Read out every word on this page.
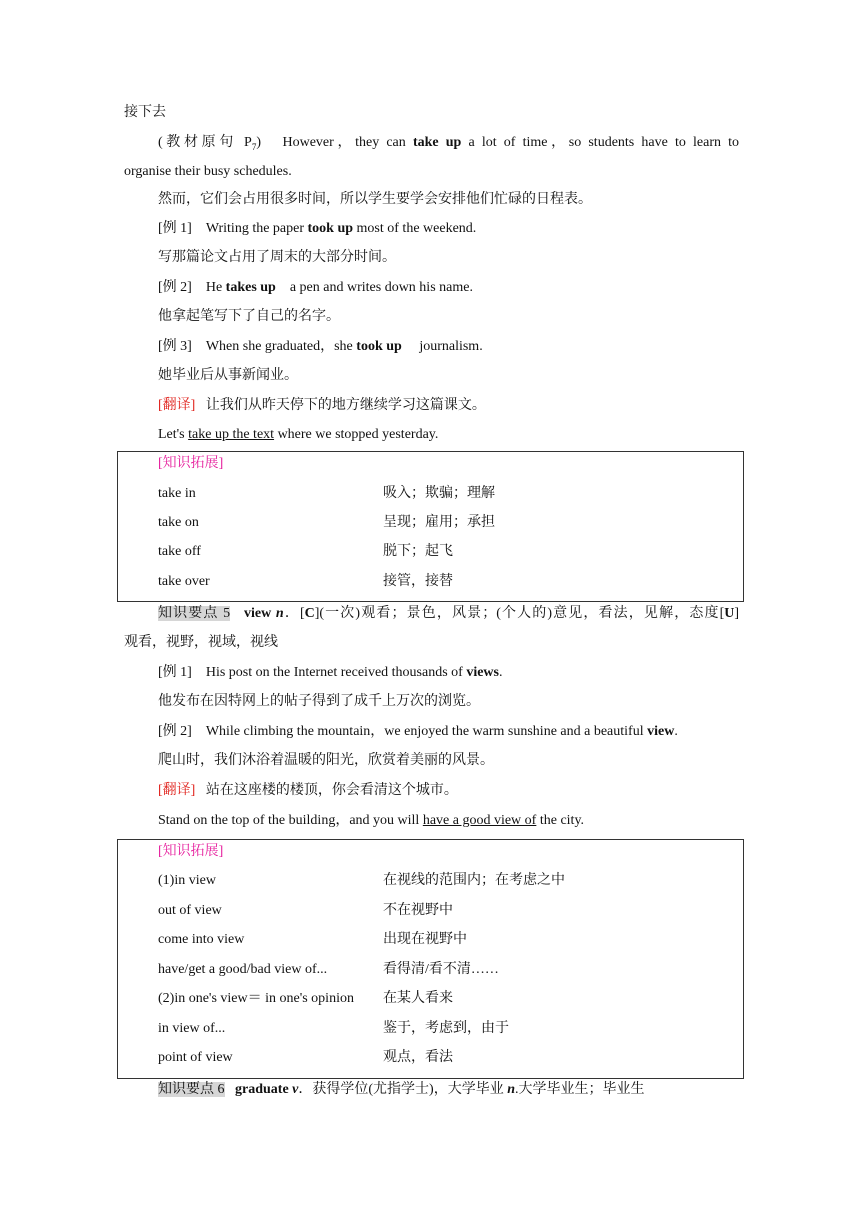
接下去
(教材原句 $P_7$) However，they can take up a lot of time，so students have to learn to
organise their busy schedules.
然而，它们会占用很多时间，所以学生要学会安排他们忙碌的日程表。
[例 1] Writing the paper took up most of the weekend.
写那篇论文占用了周末的大部分时间。
[例 2] He takes up    a pen and writes down his name.
他拿起笔写下了自己的名字。
[例 3] When she graduated，she took up     journalism.
她毕业后从事新闻业。
[翻译] 让我们从昨天停下的地方继续学习这篇课文。
Let's take up the text where we stopped yesterday.
[知识拓展]
take in	吸入；欺骗；理解
take on	呈现；雇用；承担
take off	脱下；起飞
take over	接管，接替
知识要点 5 view n．[C](一次)观看；景色，风景；(个人的)意见，看法，见解，态度[U]
观看，视野，视域，视线
[例 1] His post on the Internet received thousands of views.
他发布在因特网上的帖子得到了成千上万次的浏览。
[例 2] While climbing the mountain，we enjoyed the warm sunshine and a beautiful view.
爬山时，我们沐浴着温暖的阳光，欣赏着美丽的风景。
[翻译] 站在这座楼的楼顶，你会看清这个城市。
Stand on the top of the building，and you will have a good view of the city.
[知识拓展]
(1)in view	在视线的范围内；在考虑之中
out of view	不在视野中
come into view	出现在视野中
have/get a good/bad view of...	看得清/看不清……
(2)in one's view＝ in one's opinion 在某人看来
in view of...	鉴于，考虑到，由于
point of view	观点，看法
知识要点 6 graduate v．获得学位(尤指学士)，大学毕业 n.大学毕业生；毕业生
